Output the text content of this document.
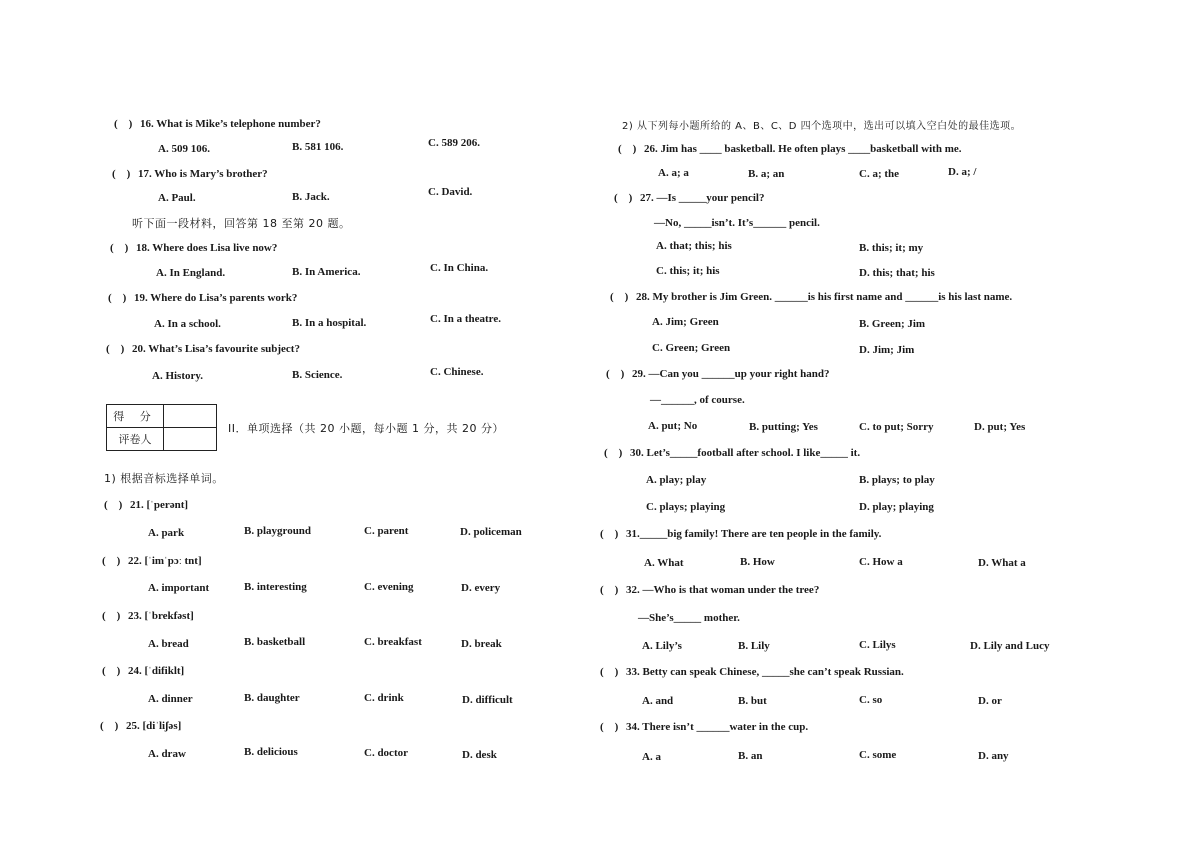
(    ) 16. What is Mike’s telephone number?
A. 509 106.	B. 581 106.	C. 589 206.
(    ) 17. Who is Mary’s brother?
A. Paul.	B. Jack.	C. David.
听下面一段材料，回答第 18 至第 20 题。
(    ) 18. Where does Lisa live now?
A. In England.	B. In America.	C. In China.
(    ) 19. Where do Lisa’s parents work?
A. In a school.	B. In a hospital.	C. In a theatre.
(    ) 20. What’s Lisa’s favourite subject?
A. History.	B. Science.	C. Chinese.
得 分	
评卷人	
II．单项选择（共 20 小题，每小题 1 分，共 20 分）
1) 根据音标选择单词。
(    ) 21. [ˈperənt]
A. park	B. playground	C. parent	D. policeman
(    ) 22. [ˈimˈpɔː tnt]
A. important	B. interesting	C. evening	D. every
(    ) 23. [ˈbrekfəst]
A. bread	B. basketball	C. breakfast	D. break
(    ) 24. [ˈdifiklt]
A. dinner	B. daughter	C. drink	D. difficult
(    ) 25. [diˈliʃəs]
A. draw	B. delicious	C. doctor	D. desk
2) 从下列每小题所给的 A、B、C、D 四个选项中，选出可以填入空白处的最佳选项。
(    ) 26. Jim has ____ basketball. He often plays ____basketball with me.
A. a; a	B. a; an	C. a; the	D. a; /
(    ) 27. —Is _____your pencil?
—No, _____isn’t. It’s______ pencil.
A. that; this; his	B. this; it; my
C. this; it; his	D. this; that; his
(    ) 28. My brother is Jim Green. ______is his first name and ______is his last name.
A. Jim; Green	B. Green; Jim
C. Green; Green	D. Jim; Jim
(    ) 29. —Can you ______up your right hand?
—______, of course.
A. put; No	B. putting; Yes	C. to put; Sorry	D. put; Yes
(    ) 30. Let’s_____football after school. I like_____ it.
A. play; play	B. plays; to play
C. plays; playing	D. play; playing
(    ) 31._____big family! There are ten people in the family.
A. What	B. How	C. How a	D. What a
(    ) 32. —Who is that woman under the tree?
—She’s_____ mother.
A. Lily’s	B. Lily	C. Lilys	D. Lily and Lucy
(    ) 33. Betty can speak Chinese, _____she can’t speak Russian.
A. and	B. but	C. so	D. or
(    ) 34. There isn’t ______water in the cup.
A. a	B. an	C. some	D. any
